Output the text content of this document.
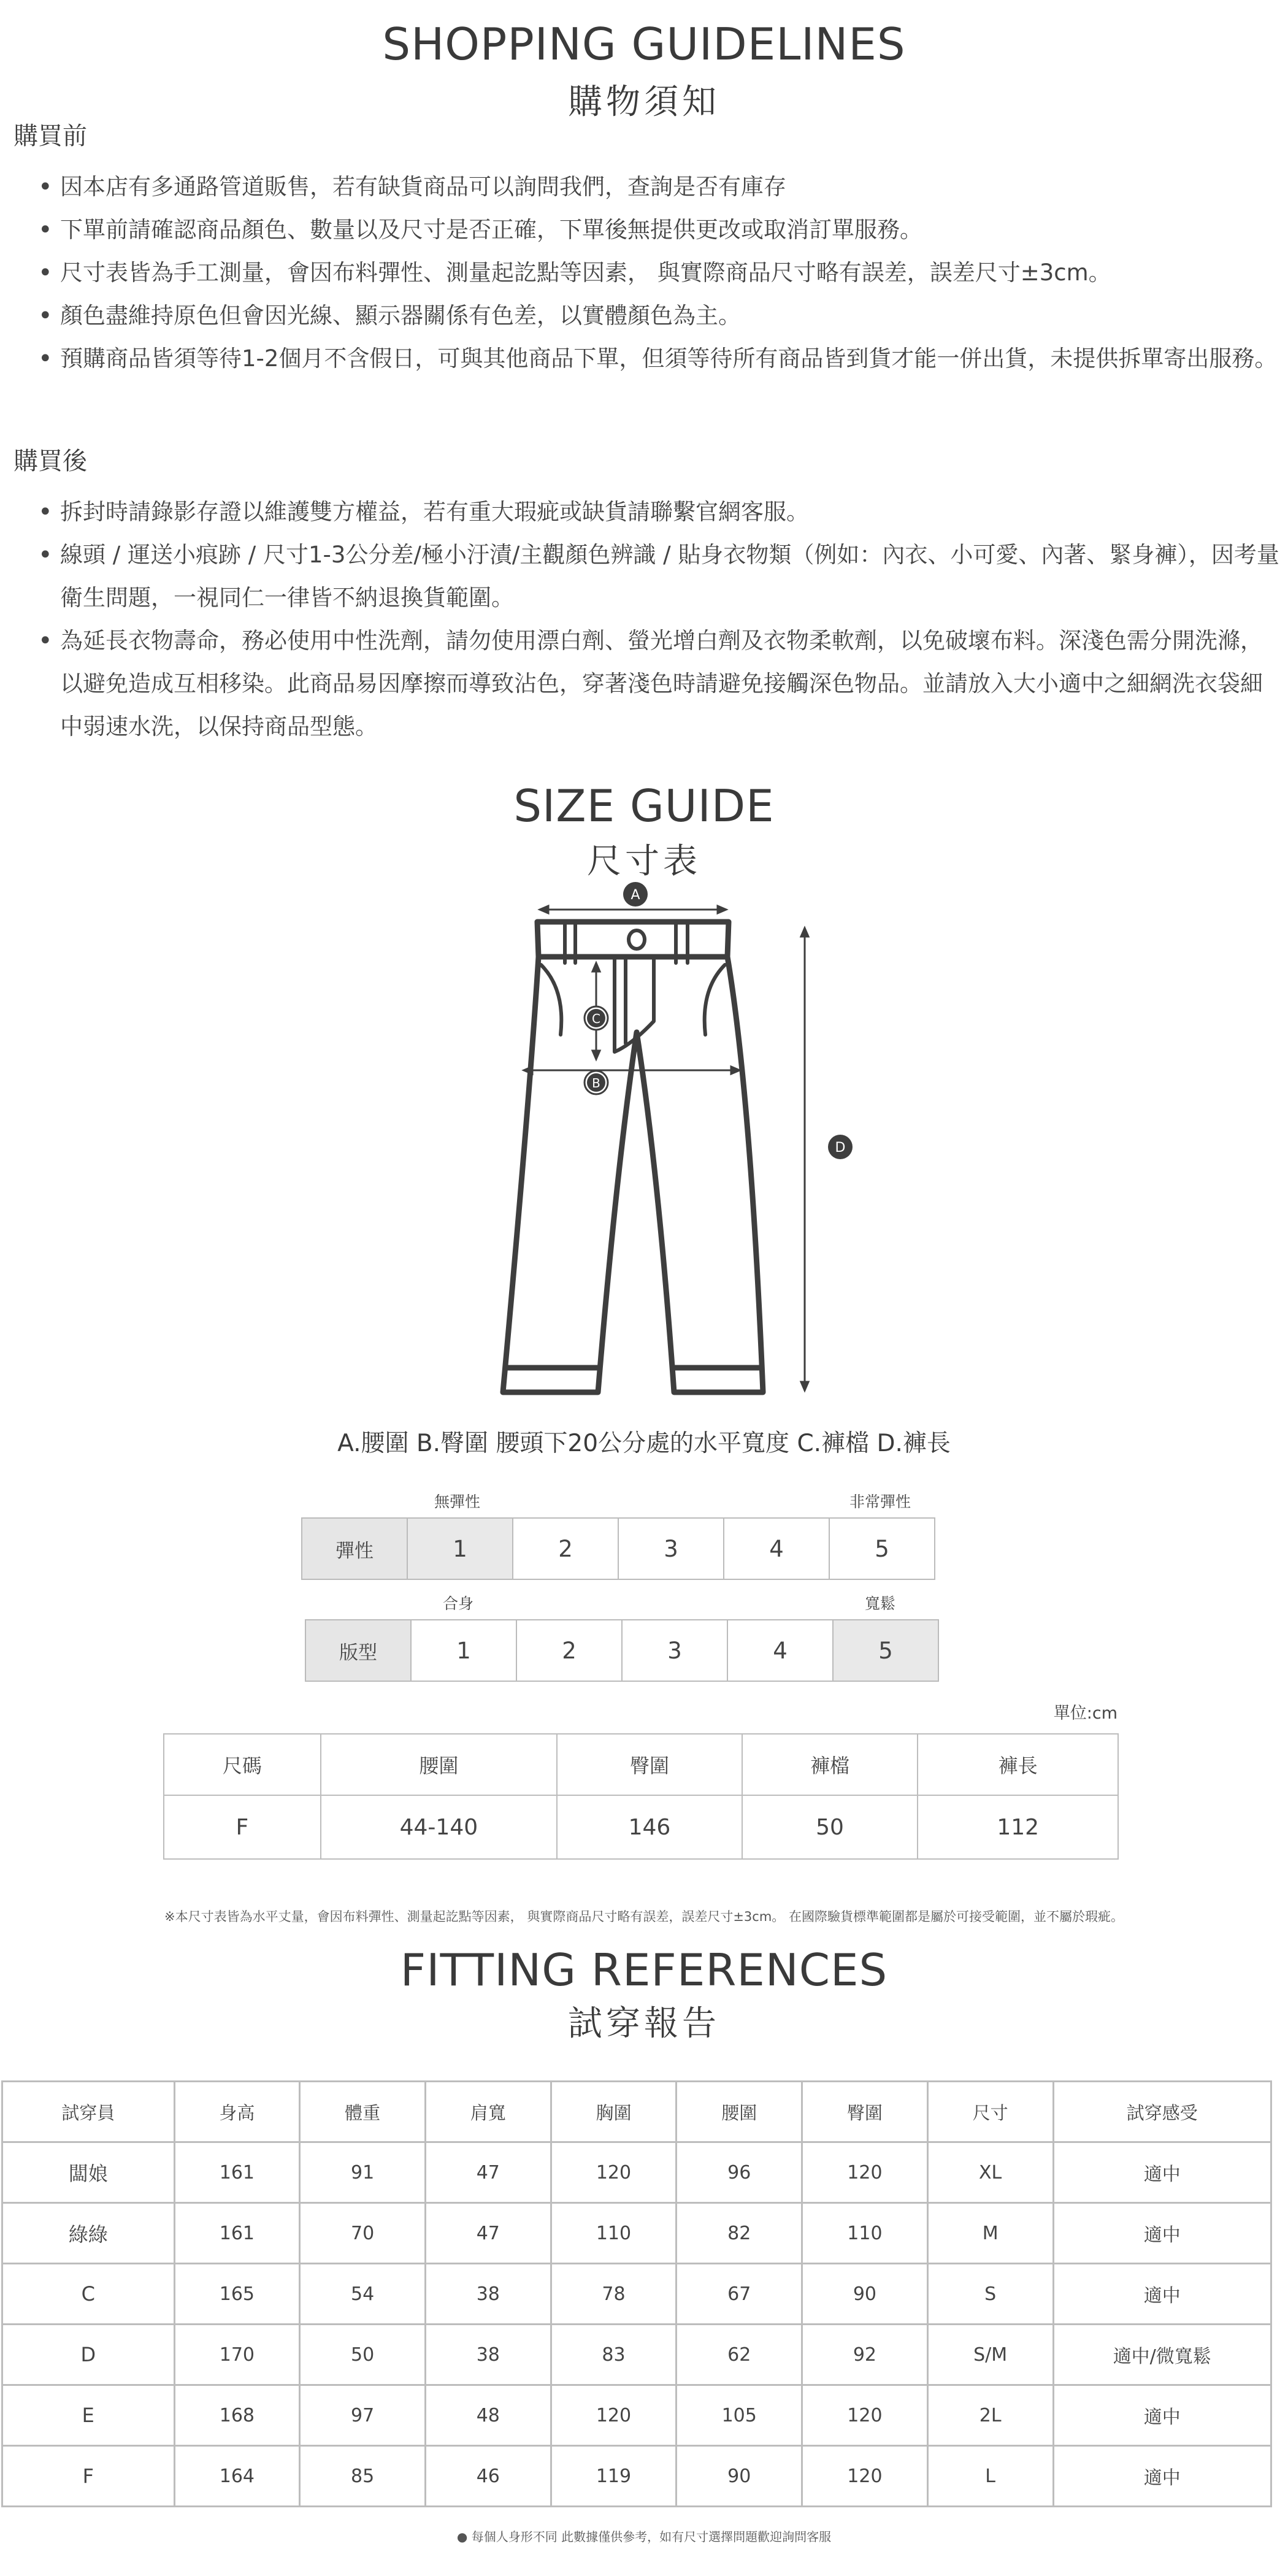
SHOPPING GUIDELINES
購物須知
購買前
• 因本店有多通路管道販售，若有缺貨商品可以詢問我們，查詢是否有庫存
• 下單前請確認商品顏色、數量以及尺寸是否正確，下單後無提供更改或取消訂單服務。
• 尺寸表皆為手工測量，會因布料彈性、測量起訖點等因素， 與實際商品尺寸略有誤差，誤差尺寸±3cm。
• 顏色盡維持原色但會因光線、顯示器關係有色差，以實體顏色為主。
• 預購商品皆須等待1-2個月不含假日，可與其他商品下單，但須等待所有商品皆到貨才能一併出貨，未提供拆單寄出服務。
購買後
• 拆封時請錄影存證以維護雙方權益，若有重大瑕疵或缺貨請聯繫官網客服。
• 線頭 / 運送小痕跡 / 尺寸1-3公分差/極小汙漬/主觀顏色辨識 / 貼身衣物類（例如：內衣、小可愛、內著、緊身褲），因考量衛生問題，一視同仁一律皆不納退換貨範圍。
• 為延長衣物壽命，務必使用中性洗劑，請勿使用漂白劑、螢光增白劑及衣物柔軟劑，以免破壞布料。深淺色需分開洗滌，以避免造成互相移染。此商品易因摩擦而導致沾色，穿著淺色時請避免接觸深色物品。並請放入大小適中之細網洗衣袋細中弱速水洗，以保持商品型態。
SIZE GUIDE
尺寸表
A
C
B
D
A.腰圍 B.臀圍 腰頭下20公分處的水平寬度 C.褲檔 D.褲長
無彈性	非常彈性
彈性	1	2	3	4	5
合身	寬鬆
版型	1	2	3	4	5
單位:cm
尺碼	腰圍	臀圍	褲檔	褲長
F	44-140	146	50	112
※本尺寸表皆為水平丈量，會因布料彈性、測量起訖點等因素， 與實際商品尺寸略有誤差，誤差尺寸±3cm。 在國際驗貨標準範圍都是屬於可接受範圍，並不屬於瑕疵。
FITTING REFERENCES
試穿報告
試穿員	身高	體重	肩寬	胸圍	腰圍	臀圍	尺寸	試穿感受
闆娘	161	91	47	120	96	120	XL	適中
綠綠	161	70	47	110	82	110	M	適中
C	165	54	38	78	67	90	S	適中
D	170	50	38	83	62	92	S/M	適中/微寬鬆
E	168	97	48	120	105	120	2L	適中
F	164	85	46	119	90	120	L	適中
● 每個人身形不同 此數據僅供參考，如有尺寸選擇問題歡迎詢問客服
